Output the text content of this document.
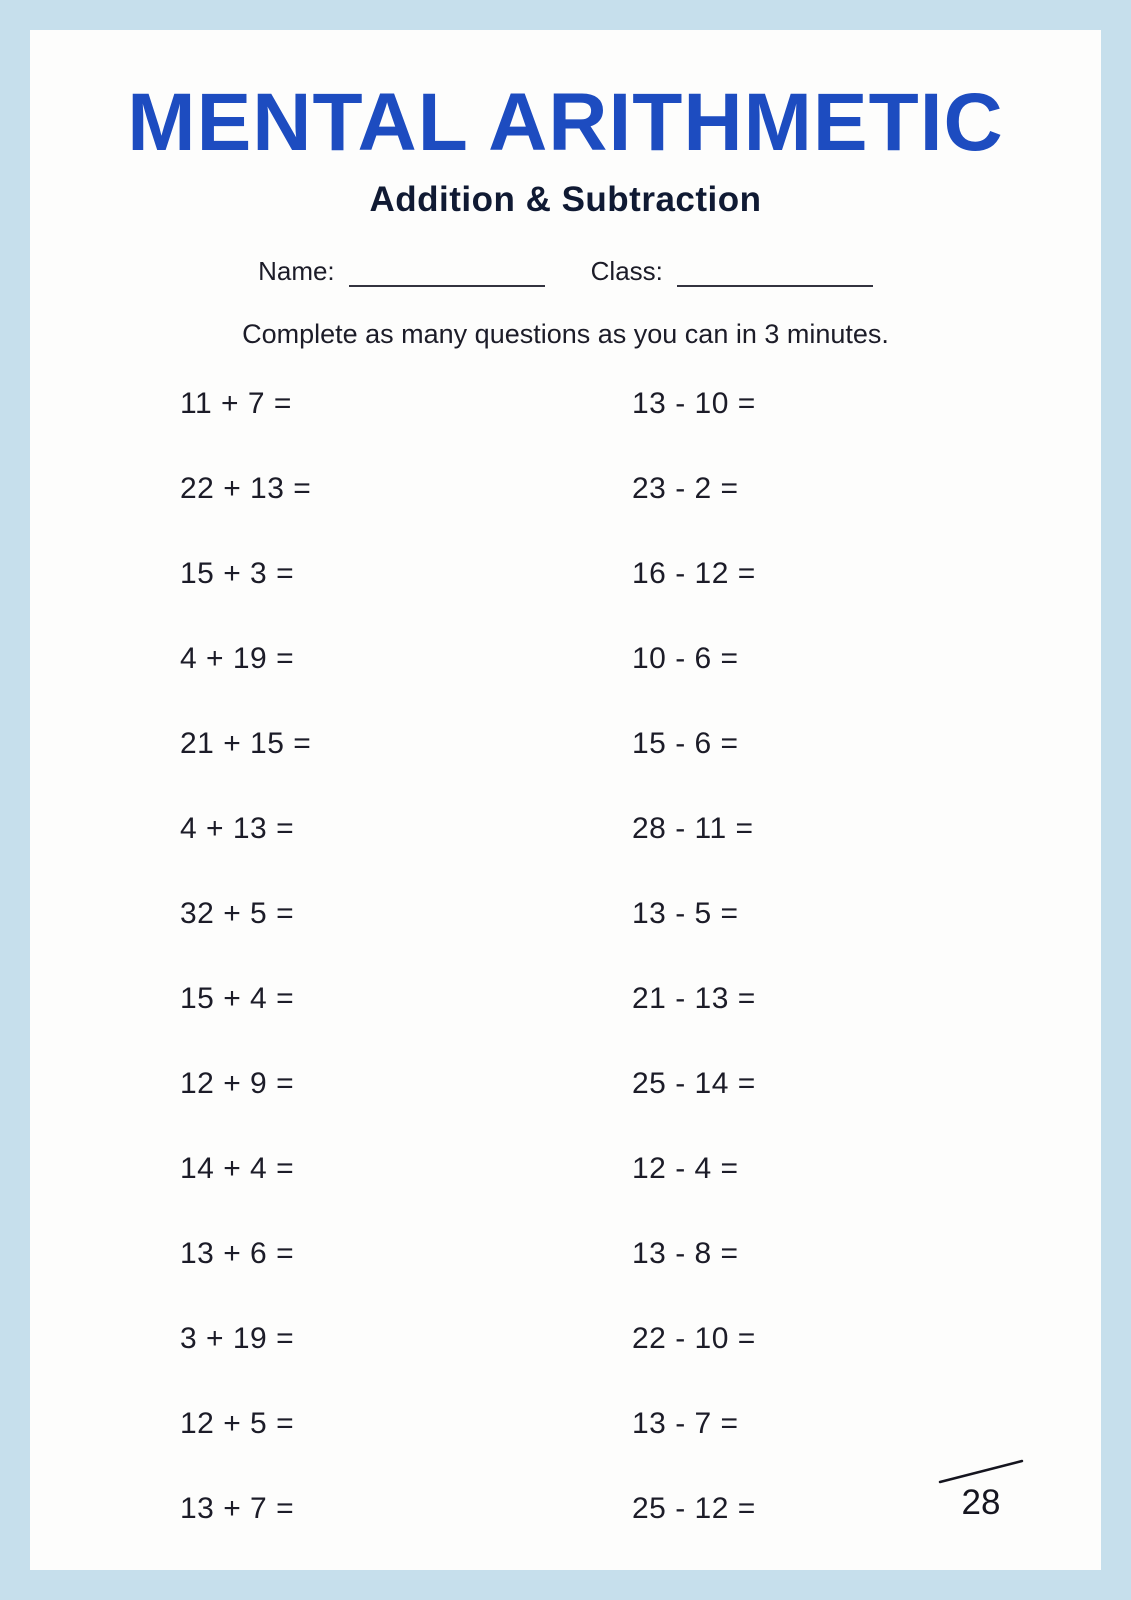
MENTAL ARITHMETIC
Addition & Subtraction
Name:	Class:
Complete as many questions as you can in 3 minutes.
11 + 7 =
22 + 13 =
15 + 3 =
4 + 19 =
21 + 15 =
4 + 13 =
32 + 5 =
15 + 4 =
12 + 9 =
14 + 4 =
13 + 6 =
3 + 19 =
12 + 5 =
13 + 7 =
13 - 10 =
23 - 2 =
16 - 12 =
10 - 6 =
15 - 6 =
28 - 11 =
13 - 5 =
21 - 13 =
25 - 14 =
12 - 4 =
13 - 8 =
22 - 10 =
13 - 7 =
25 - 12 =	28
